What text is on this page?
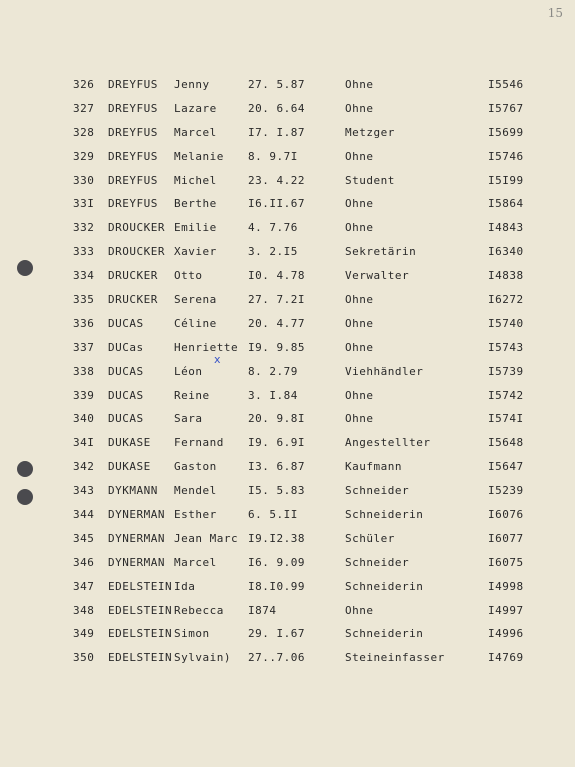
15
326 DREYFUS Jenny	27. 5.87	Ohne	I5546
327 DREYFUS Lazare	20. 6.64	Ohne	I5767
328 DREYFUS Marcel	I7. I.87	Metzger	I5699
329 DREYFUS Melanie 8. 9.7I	Ohne	I5746
330 DREYFUS Michel	23. 4.22	Student	I5I99
33I DREYFUS Berthe	I6.II.67	Ohne	I5864
332 DROUCKER Emilie	4. 7.76	Ohne	I4843
333 DROUCKER Xavier	3. 2.I5	Sekretärin	I6340
334 DRUCKER Otto	I0. 4.78	Verwalter	I4838
335 DRUCKER Serena	27. 7.2I	Ohne	I6272
336 DUCAS	Céline	20. 4.77	Ohne	I5740
337 DUCas	Henriette I9. 9.85	Ohne	I5743
338 DUCAS	Léon	8. 2.79	Viehhändler	I5739
339 DUCAS	Reine	3. I.84	Ohne	I5742
340 DUCAS	Sara	20. 9.8I	Ohne	I574I
34I DUKASE Fernand I9. 6.9I	Angestellter	I5648
342 DUKASE Gaston	I3. 6.87	Kaufmann	I5647
343 DYKMANN Mendel	I5. 5.83	Schneider	I5239
344 DYNERMAN Esther	6. 5.II	Schneiderin	I6076
345 DYNERMAN Jean Marc I9.I2.38	Schüler	I6077
346 DYNERMAN Marcel	I6. 9.09	Schneider	I6075
347 EDELSTEIN Ida	I8.I0.99	Schneiderin	I4998
348 EDELSTEIN Rebecca I874	Ohne	I4997
349 EDELSTEIN Simon	29. I.67	Schneiderin	I4996
350 EDELSTEIN Sylvain) 27..7.06	Steineinfasser	I4769
x
